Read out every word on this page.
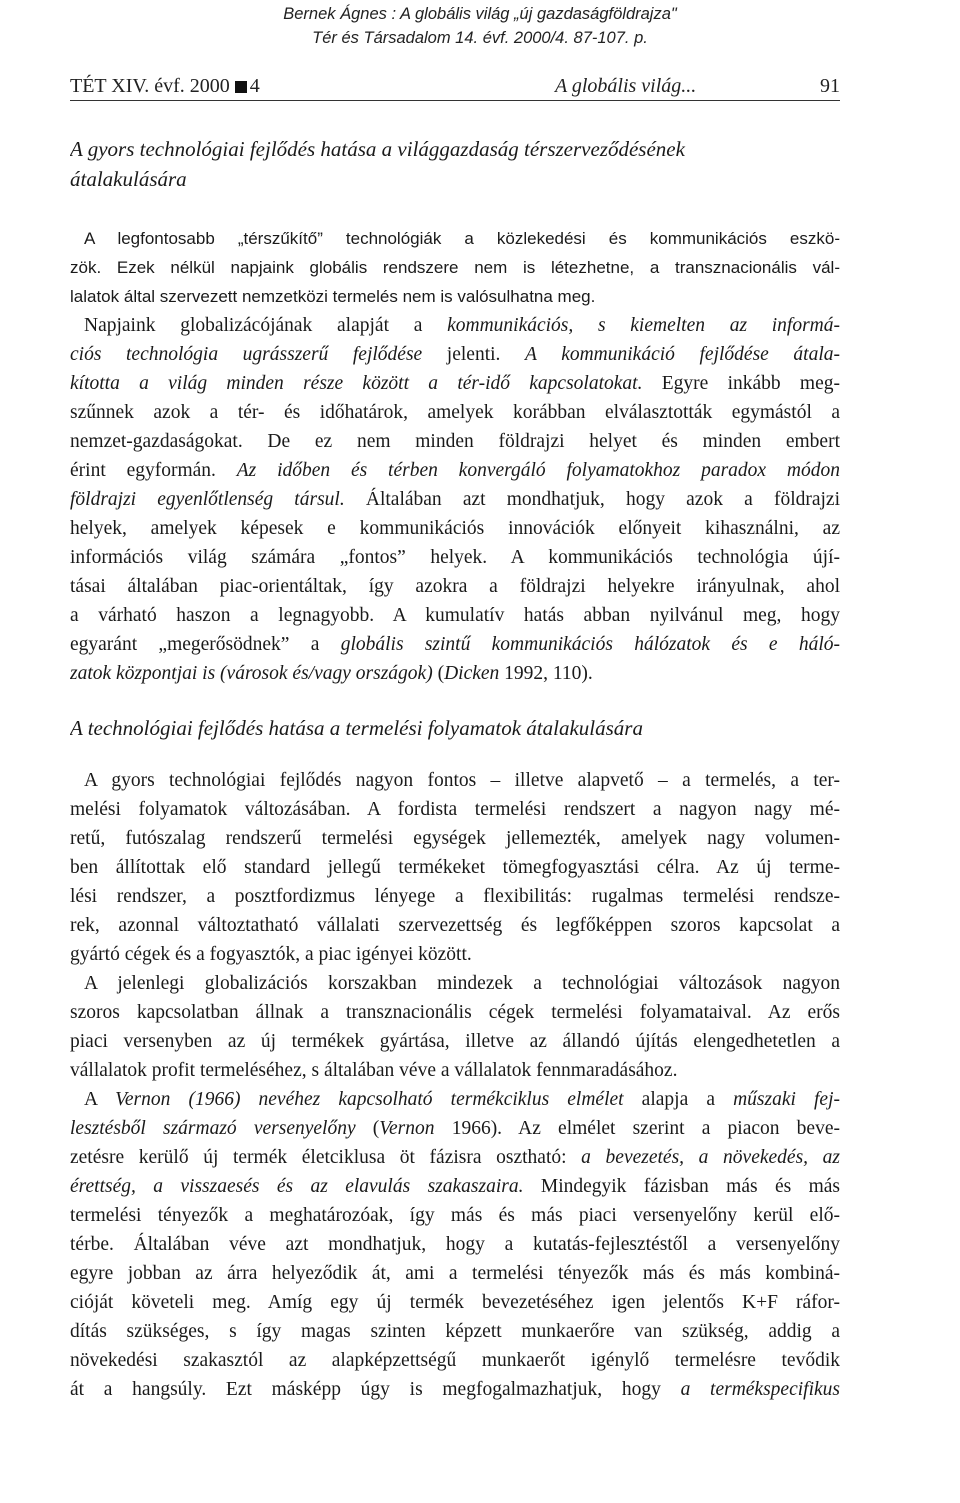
Bernek Ágnes : A globális világ „új gazdaságföldrajza"
Tér és Társadalom 14. évf. 2000/4. 87-107. p.
TÉT XIV. évf. 2000 4	A globális világ...	91
A gyors technológiai fejlődés hatása a világgazdaság térszerveződésének
átalakulására
A legfontosabb „térszűkítő” technológiák a közlekedési és kommunikációs eszkö-
zök. Ezek nélkül napjaink globális rendszere nem is létezhetne, a transznacionális vál-
lalatok által szervezett nemzetközi termelés nem is valósulhatna meg.
Napjaink globalizácójának alapját a kommunikációs, s kiemelten az informá-
ciós technológia ugrásszerű fejlődése jelenti. A kommunikáció fejlődése átala-
kította a világ minden része között a tér-idő kapcsolatokat. Egyre inkább meg-
szűnnek azok a tér- és időhatárok, amelyek korábban elválasztották egymástól a
nemzet-gazdaságokat. De ez nem minden földrajzi helyet és minden embert
érint egyformán. Az időben és térben konvergáló folyamatokhoz paradox módon
földrajzi egyenlőtlenség társul. Általában azt mondhatjuk, hogy azok a földrajzi
helyek, amelyek képesek e kommunikációs innovációk előnyeit kihasználni, az
információs világ számára „fontos” helyek. A kommunikációs technológia újí-
tásai általában piac-orientáltak, így azokra a földrajzi helyekre irányulnak, ahol
a várható haszon a legnagyobb. A kumulatív hatás abban nyilvánul meg, hogy
egyaránt „megerősödnek” a globális szintű kommunikációs hálózatok és e háló-
zatok központjai is (városok és/vagy országok) (Dicken 1992, 110).
A technológiai fejlődés hatása a termelési folyamatok átalakulására
A gyors technológiai fejlődés nagyon fontos – illetve alapvető – a termelés, a ter-
melési folyamatok változásában. A fordista termelési rendszert a nagyon nagy mé-
retű, futószalag rendszerű termelési egységek jellemezték, amelyek nagy volumen-
ben állítottak elő standard jellegű termékeket tömegfogyasztási célra. Az új terme-
lési rendszer, a posztfordizmus lényege a flexibilitás: rugalmas termelési rendsze-
rek, azonnal változtatható vállalati szervezettség és legfőképpen szoros kapcsolat a
gyártó cégek és a fogyasztók, a piac igényei között.
A jelenlegi globalizációs korszakban mindezek a technológiai változások nagyon
szoros kapcsolatban állnak a transznacionális cégek termelési folyamataival. Az erős
piaci versenyben az új termékek gyártása, illetve az állandó újítás elengedhetetlen a
vállalatok profit termeléséhez, s általában véve a vállalatok fennmaradásához.
A Vernon (1966) nevéhez kapcsolható termékciklus elmélet alapja a műszaki fej-
lesztésből származó versenyelőny (Vernon 1966). Az elmélet szerint a piacon beve-
zetésre kerülő új termék életciklusa öt fázisra osztható: a bevezetés, a növekedés, az
érettség, a visszaesés és az elavulás szakaszaira. Mindegyik fázisban más és más
termelési tényezők a meghatározóak, így más és más piaci versenyelőny kerül elő-
térbe. Általában véve azt mondhatjuk, hogy a kutatás-fejlesztéstől a versenyelőny
egyre jobban az árra helyeződik át, ami a termelési tényezők más és más kombiná-
cióját követeli meg. Amíg egy új termék bevezetéséhez igen jelentős K+F ráfor-
dítás szükséges, s így magas szinten képzett munkaerőre van szükség, addig a
növekedési szakasztól az alapképzettségű munkaerőt igénylő termelésre tevődik
át a hangsúly. Ezt másképp úgy is megfogalmazhatjuk, hogy a termékspecifikus
